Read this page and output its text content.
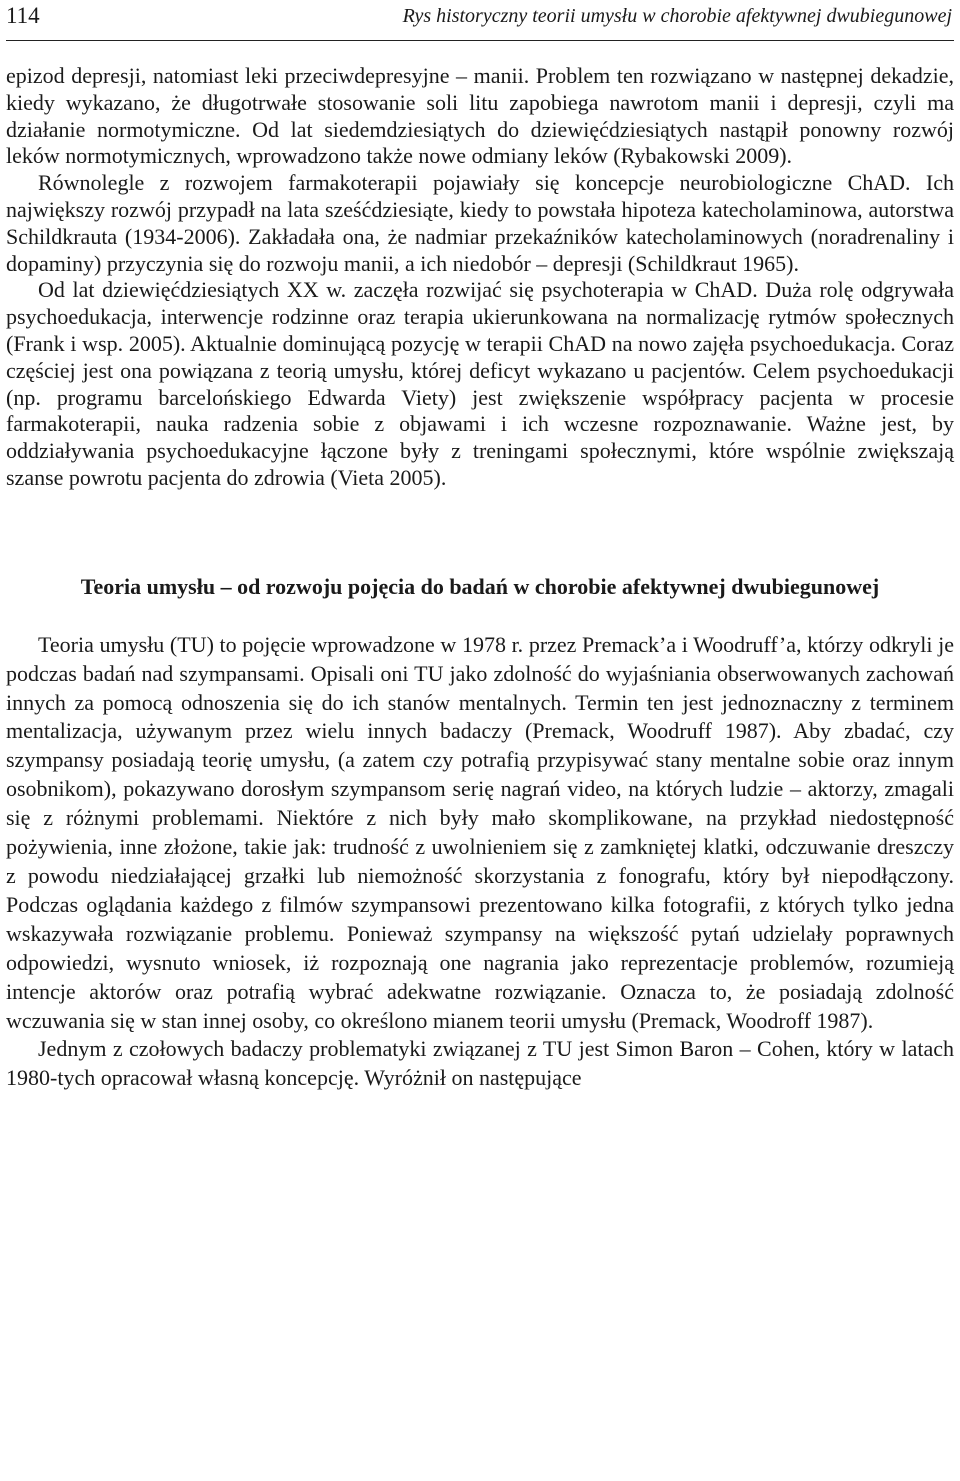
114	Rys historyczny teorii umysłu w chorobie afektywnej dwubiegunowej

epizod depresji, natomiast leki przeciwdepresyjne – manii. Problem ten rozwiązano w następnej dekadzie, kiedy wykazano, że długotrwałe stosowanie soli litu zapobiega nawrotom manii i depresji, czyli ma działanie normotymiczne. Od lat siedemdziesiątych do dziewięćdziesiątych nastąpił ponowny rozwój leków normotymicznych, wprowadzono także nowe odmiany leków (Rybakowski 2009).

Równolegle z rozwojem farmakoterapii pojawiały się koncepcje neurobiologiczne ChAD. Ich największy rozwój przypadł na lata sześćdziesiąte, kiedy to powstała hipoteza katecholaminowa, autorstwa Schildkrauta (1934-2006). Zakładała ona, że nadmiar przekaźników katecholaminowych (noradrenaliny i dopaminy) przyczynia się do rozwoju manii, a ich niedobór – depresji (Schildkraut 1965).

Od lat dziewięćdziesiątych XX w. zaczęła rozwijać się psychoterapia w ChAD. Duża rolę odgrywała psychoedukacja, interwencje rodzinne oraz terapia ukierunkowana na normalizację rytmów społecznych (Frank i wsp. 2005). Aktualnie dominującą pozycję w terapii ChAD na nowo zajęła psychoedukacja. Coraz częściej jest ona powiązana z teorią umysłu, której deficyt wykazano u pacjentów. Celem psychoedukacji (np. programu barcelońskiego Edwarda Viety) jest zwiększenie współpracy pacjenta w procesie farmakoterapii, nauka radzenia sobie z objawami i ich wczesne rozpoznawanie. Ważne jest, by oddziaływania psychoedukacyjne łączone były z treningami społecznymi, które wspólnie zwiększają szanse powrotu pacjenta do zdrowia (Vieta 2005).

Teoria umysłu – od rozwoju pojęcia do badań w chorobie afektywnej dwubiegunowej

Teoria umysłu (TU) to pojęcie wprowadzone w 1978 r. przez Premack’a i Woodruff’a, którzy odkryli je podczas badań nad szympansami. Opisali oni TU jako zdolność do wyjaśniania obserwowanych zachowań innych za pomocą odnoszenia się do ich stanów mentalnych. Termin ten jest jednoznaczny z terminem mentalizacja, używanym przez wielu innych badaczy (Premack, Woodruff 1987). Aby zbadać, czy szympansy posiadają teorię umysłu, (a zatem czy potrafią przypisywać stany mentalne sobie oraz innym osobnikom), pokazywano dorosłym szympansom serię nagrań video, na których ludzie – aktorzy, zmagali się z różnymi problemami. Niektóre z nich były mało skomplikowane, na przykład niedostępność pożywienia, inne złożone, takie jak: trudność z uwolnieniem się z zamkniętej klatki, odczuwanie dreszczy z powodu niedziałającej grzałki lub niemożność skorzystania z fonografu, który był niepodłączony. Podczas oglądania każdego z filmów szympansowi prezentowano kilka fotografii, z których tylko jedna wskazywała rozwiązanie problemu. Ponieważ szympansy na większość pytań udzielały poprawnych odpowiedzi, wysnuto wniosek, iż rozpoznają one nagrania jako reprezentacje problemów, rozumieją intencje aktorów oraz potrafią wybrać adekwatne rozwiązanie. Oznacza to, że posiadają zdolność wczuwania się w stan innej osoby, co określono mianem teorii umysłu (Premack, Woodroff 1987).

Jednym z czołowych badaczy problematyki związanej z TU jest Simon Baron – Cohen, który w latach 1980-tych opracował własną koncepcję. Wyróżnił on następujące
